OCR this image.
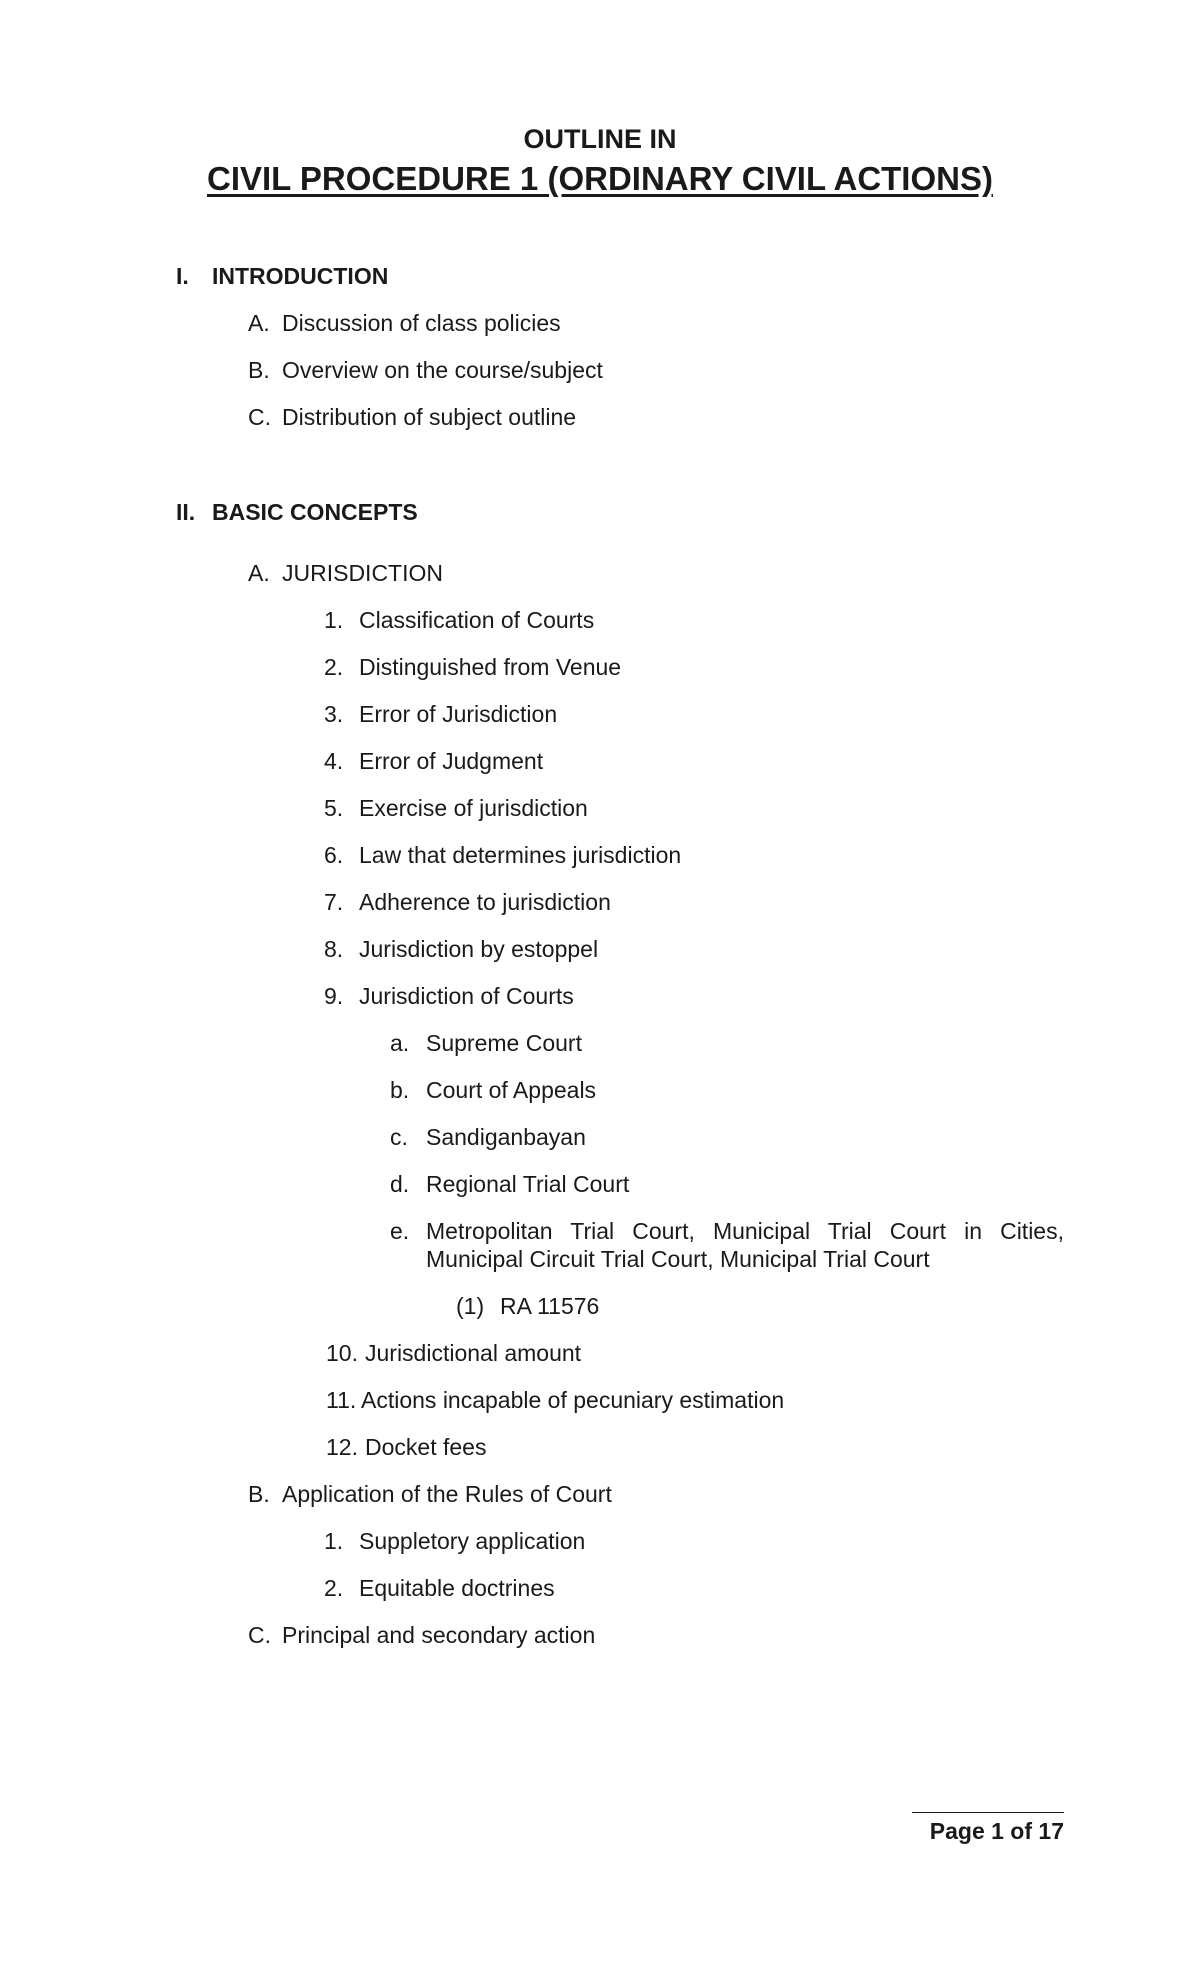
OUTLINE IN
CIVIL PROCEDURE 1 (ORDINARY CIVIL ACTIONS)
I. INTRODUCTION
A. Discussion of class policies
B. Overview on the course/subject
C. Distribution of subject outline
II. BASIC CONCEPTS
A. JURISDICTION
1. Classification of Courts
2. Distinguished from Venue
3. Error of Jurisdiction
4. Error of Judgment
5. Exercise of jurisdiction
6. Law that determines jurisdiction
7. Adherence to jurisdiction
8. Jurisdiction by estoppel
9. Jurisdiction of Courts
a. Supreme Court
b. Court of Appeals
c. Sandiganbayan
d. Regional Trial Court
e. Metropolitan Trial Court, Municipal Trial Court in Cities,
Municipal Circuit Trial Court, Municipal Trial Court
(1) RA 11576
10. Jurisdictional amount
11. Actions incapable of pecuniary estimation
12. Docket fees
B. Application of the Rules of Court
1. Suppletory application
2. Equitable doctrines
C. Principal and secondary action
Page 1 of 17
